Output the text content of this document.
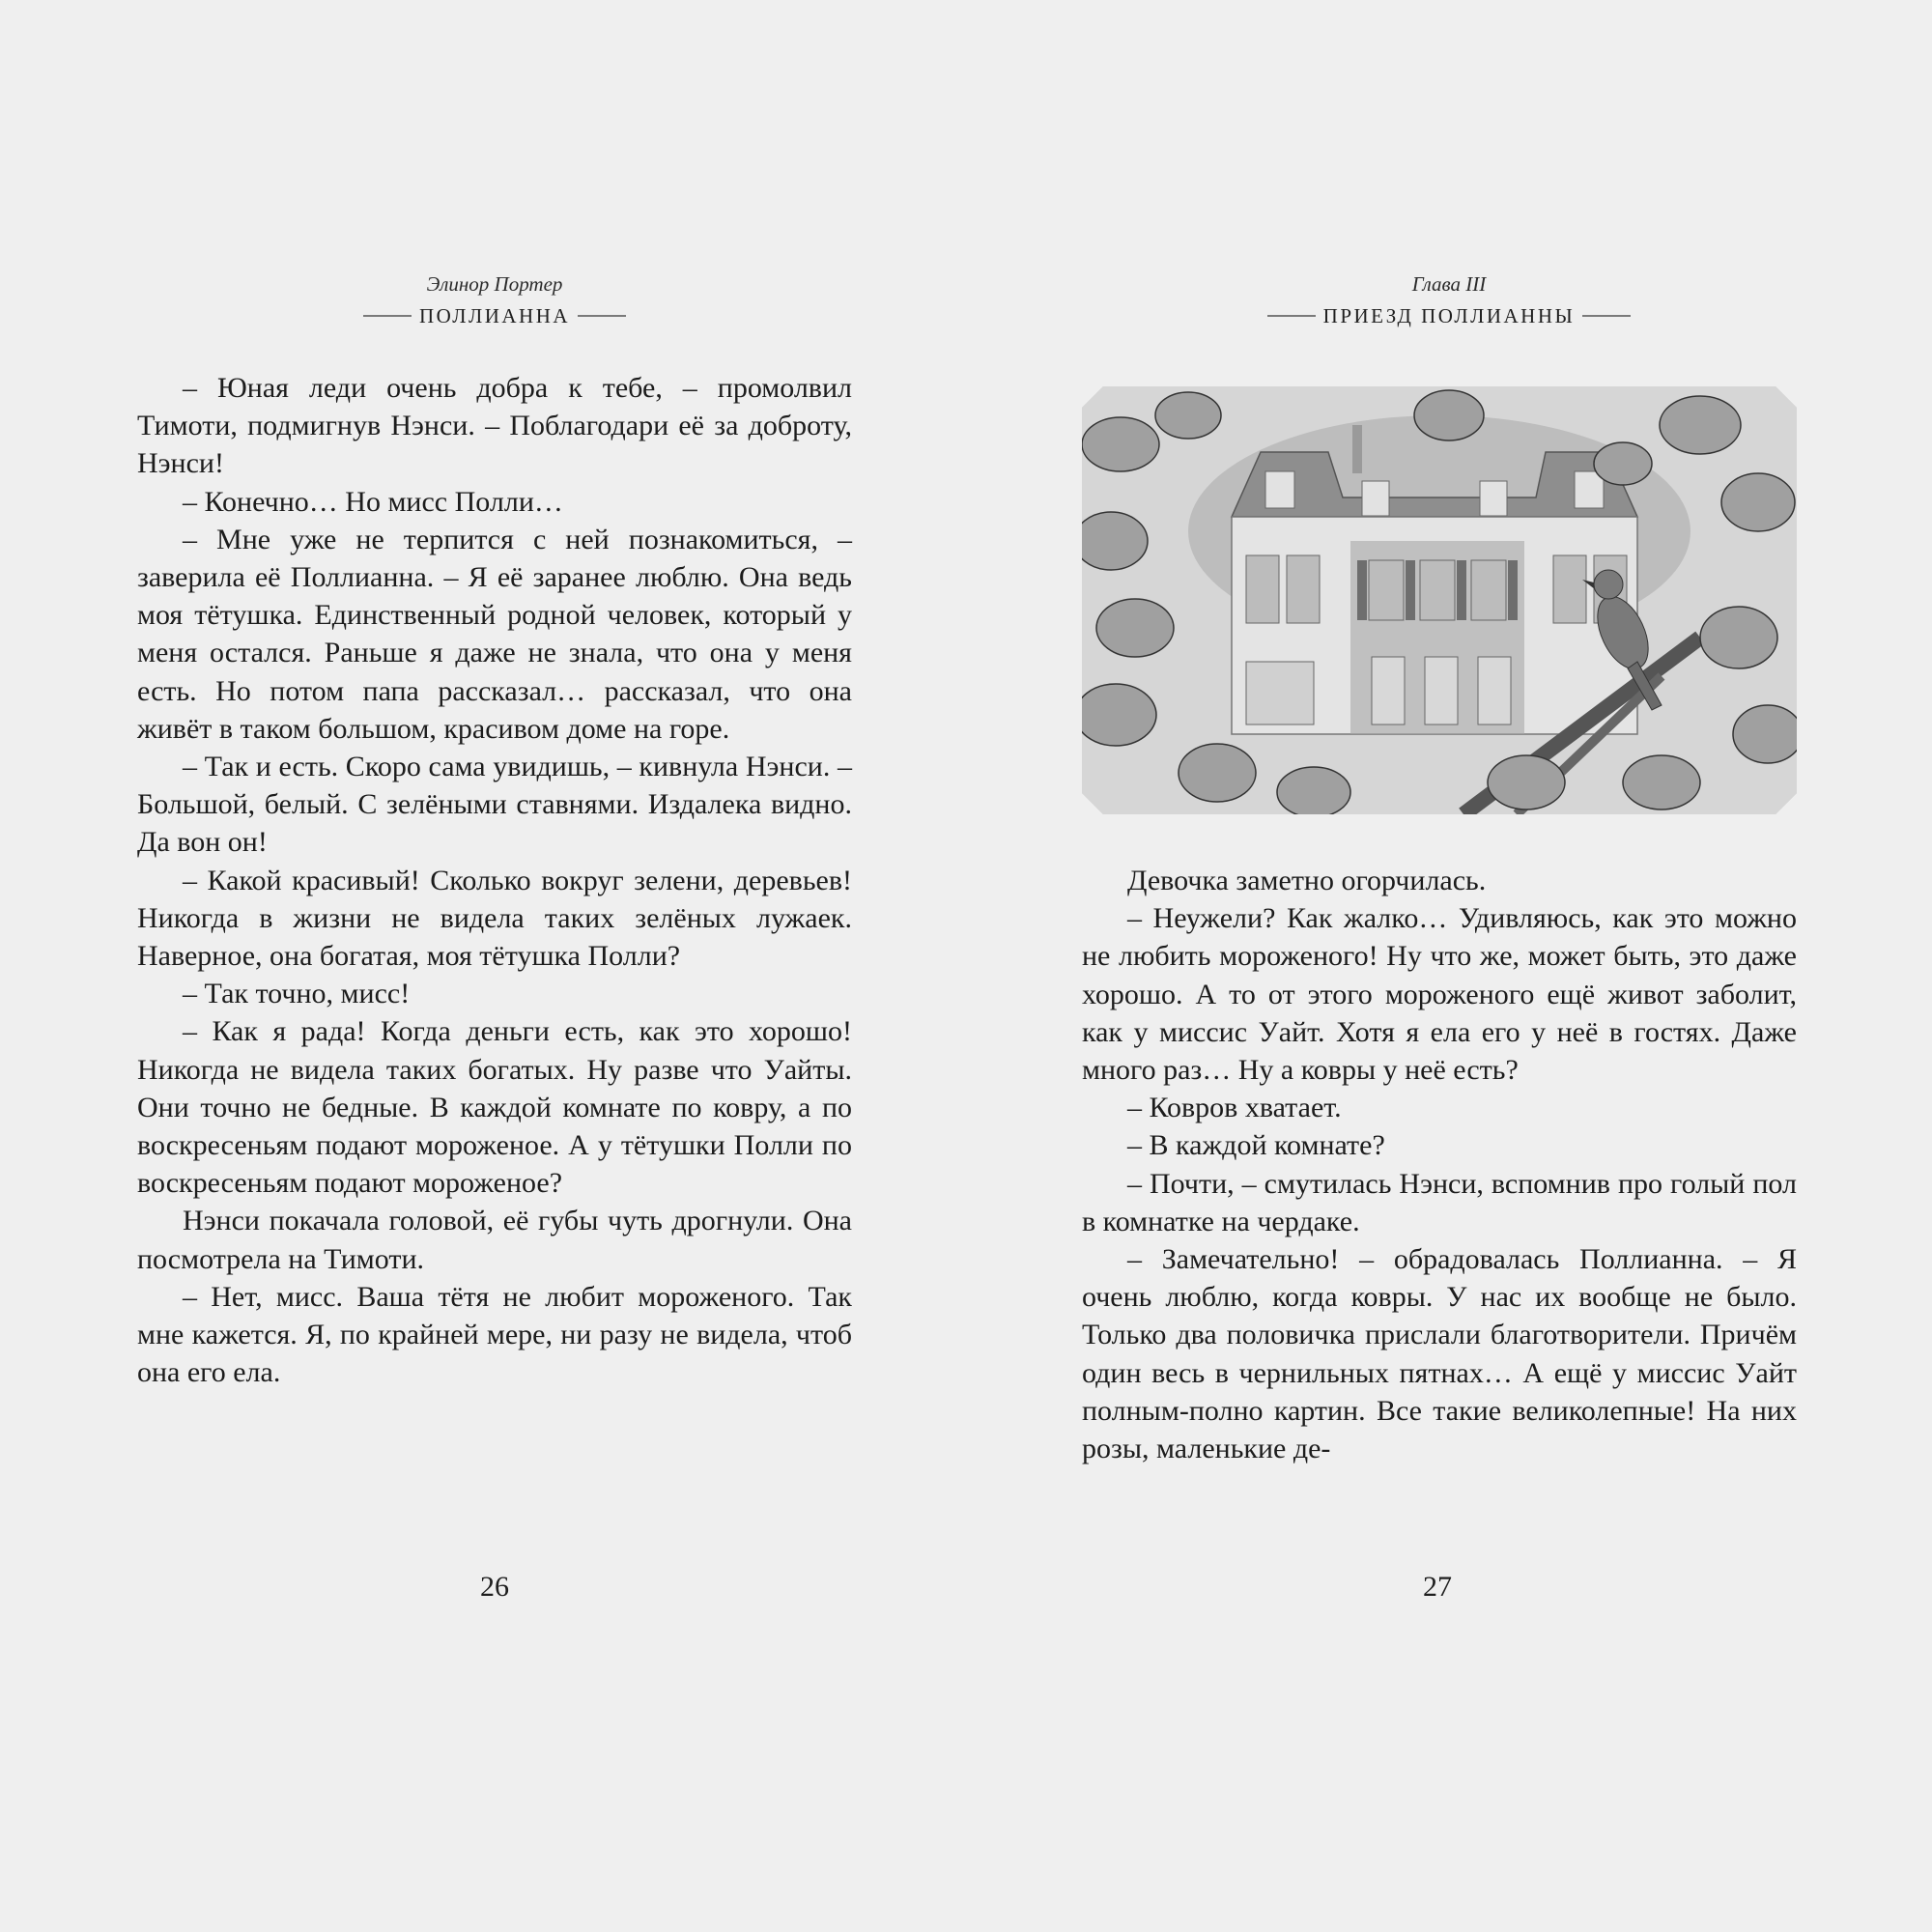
Элинор Портер
ПОЛЛИАННА

– Юная леди очень добра к тебе, – промолвил Тимоти, подмигнув Нэнси. – Поблагодари её за доброту, Нэнси!

– Конечно… Но мисс Полли…

– Мне уже не терпится с ней познакомиться, – заверила её Поллианна. – Я её заранее люблю. Она ведь моя тётушка. Единственный родной человек, который у меня остался. Раньше я даже не знала, что она у меня есть. Но потом папа рассказал… рассказал, что она живёт в таком большом, красивом доме на горе.

– Так и есть. Скоро сама увидишь, – кивнула Нэнси. – Большой, белый. С зелёными ставнями. Издалека видно. Да вон он!

– Какой красивый! Сколько вокруг зелени, деревьев! Никогда в жизни не видела таких зелёных лужаек. Наверное, она богатая, моя тётушка Полли?

– Так точно, мисс!

– Как я рада! Когда деньги есть, как это хорошо! Никогда не видела таких богатых. Ну разве что Уайты. Они точно не бедные. В каждой комнате по ковру, а по воскресеньям подают мороженое. А у тётушки Полли по воскресеньям подают мороженое?

Нэнси покачала головой, её губы чуть дрогнули. Она посмотрела на Тимоти.

– Нет, мисс. Ваша тётя не любит мороженого. Так мне кажется. Я, по крайней мере, ни разу не видела, чтоб она его ела.

26
Глава III
ПРИЕЗД ПОЛЛИАННЫ

Девочка заметно огорчилась.

– Неужели? Как жалко… Удивляюсь, как это можно не любить мороженого! Ну что же, может быть, это даже хорошо. А то от этого мороженого ещё живот заболит, как у миссис Уайт. Хотя я ела его у неё в гостях. Даже много раз… Ну а ковры у неё есть?

– Ковров хватает.

– В каждой комнате?

– Почти, – смутилась Нэнси, вспомнив про голый пол в комнатке на чердаке.

– Замечательно! – обрадовалась Поллианна. – Я очень люблю, когда ковры. У нас их вообще не было. Только два половичка прислали благотворители. Причём один весь в чернильных пятнах… А ещё у миссис Уайт полным-полно картин. Все такие великолепные! На них розы, маленькие де-

27
